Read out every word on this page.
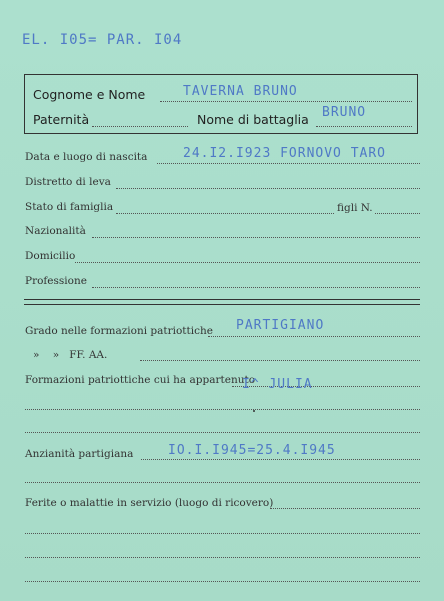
EL. I05= PAR. I04
Cognome e Nome	TAVERNA BRUNO
Paternità	Nome di battaglia BRUNO
Data e luogo di nascita	24.I2.I923 FORNOVO TARO
Distretto di leva
Stato di famiglia	figli N.
Nazionalità
Domicilio
Professione
Grado nelle formazioni patriottiche PARTIGIANO
»    »   FF. AA.
Formazioni patriottiche cui ha appartenuto
I^ JULIA
Anzianità partigiana	IO.I.I945=25.4.I945
Ferite o malattie in servizio (luogo di ricovero)
